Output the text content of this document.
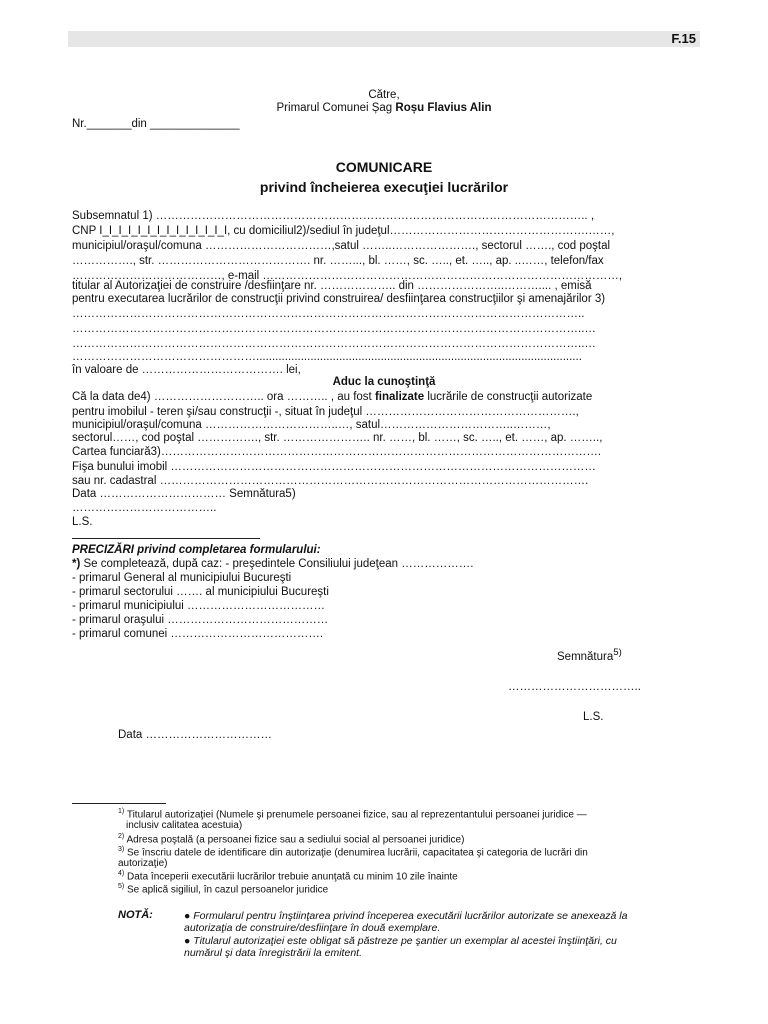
F.15
Către,
Primarul Comunei Șag Roșu Flavius Alin
Nr._______din ______________
COMUNICARE
privind încheierea execuţiei lucrărilor
Subsemnatul 1) ………………………………………………………………………………………………….. ,
CNP I_I_I_I_I_I_I_I_I_I_I_I_I_I, cu domiciliul2)/sediul în judeţul…………………………………………….……,
municipiul/oraşul/comuna ……………………………,satul ……..…………………., sectorul ……., cod poştal
……………., str. …………………………………. nr. ……..., bl. ……, sc. ….., et. ….., ap. ..……, telefon/fax
…………………………………, e-mail …………………………………………………………………………………,
titular al Autorizaţiei de construire /desfiinţare nr. ……………….. din …………………..……….... , emisă
pentru executarea lucrărilor de construcţii privind construirea/ desfiinţarea construcţiilor şi amenajărilor 3)
……………………………………………………………………………………………………………………..
……………………………………………………………………………………………………………………..…
……………………………………………………………………………………………………………………..…
…………………………………………......................................................................................................
în valoare de ………………………………. lei,
Aduc la cunoştinţă
Că la data de4) ……………………….. ora ……….. , au fost finalizate lucrările de construcţii autorizate
pentru imobilul - teren şi/sau construcţii -, situat în judeţul ……………………………………………….,
municipiul/oraşul/comuna ……………………………..…, satul……………………………..………,
sectorul……, cod poştal ……………., str. ………………….. nr. ……, bl. ……, sc. ….., et. ……, ap. ……..,
Cartea funciară3)…………………………………………………………………………………………………….
Fişa bunului imobil …………………………………………………………………………………………………
sau nr. cadastral ………………………………………………………………………………………………….
Data …………………………… Semnătura5)
………………………………..
L.S.
PRECIZĂRI privind completarea formularului:
*) Se completează, după caz: - preşedintele Consiliului judeţean ……………….
- primarul General al municipiului Bucureşti
- primarul sectorului ……. al municipiului Bucureşti
- primarul municipiului ………………………………
- primarul oraşului ……………………………………
- primarul comunei ………………………………….
Semnătura$^{5)}$
……………………………..
L.S.
Data ……………………………
$^{1)}$ Titularul autorizaţiei (Numele şi prenumele persoanei fizice, sau al reprezentantului persoanei juridice —
inclusiv calitatea acestuia)
$^{2)}$ Adresa poştală (a persoanei fizice sau a sediului social al persoanei juridice)
$^{3)}$ Se înscriu datele de identificare din autorizaţie (denumirea lucrării, capacitatea şi categoria de lucrări din
autorizaţie)
$^{4)}$ Data începerii executării lucrărilor trebuie anunţată cu minim 10 zile înainte
$^{5)}$ Se aplică sigiliul, în cazul persoanelor juridice
NOTĂ:	● Formularul pentru înştiinţarea privind începerea executării lucrărilor autorizate se anexează la
autorizaţia de construire/desfiinţare în două exemplare.
● Titularul autorizaţiei este obligat să păstreze pe şantier un exemplar al acestei înştiinţări, cu
numărul şi data înregistrării la emitent.
